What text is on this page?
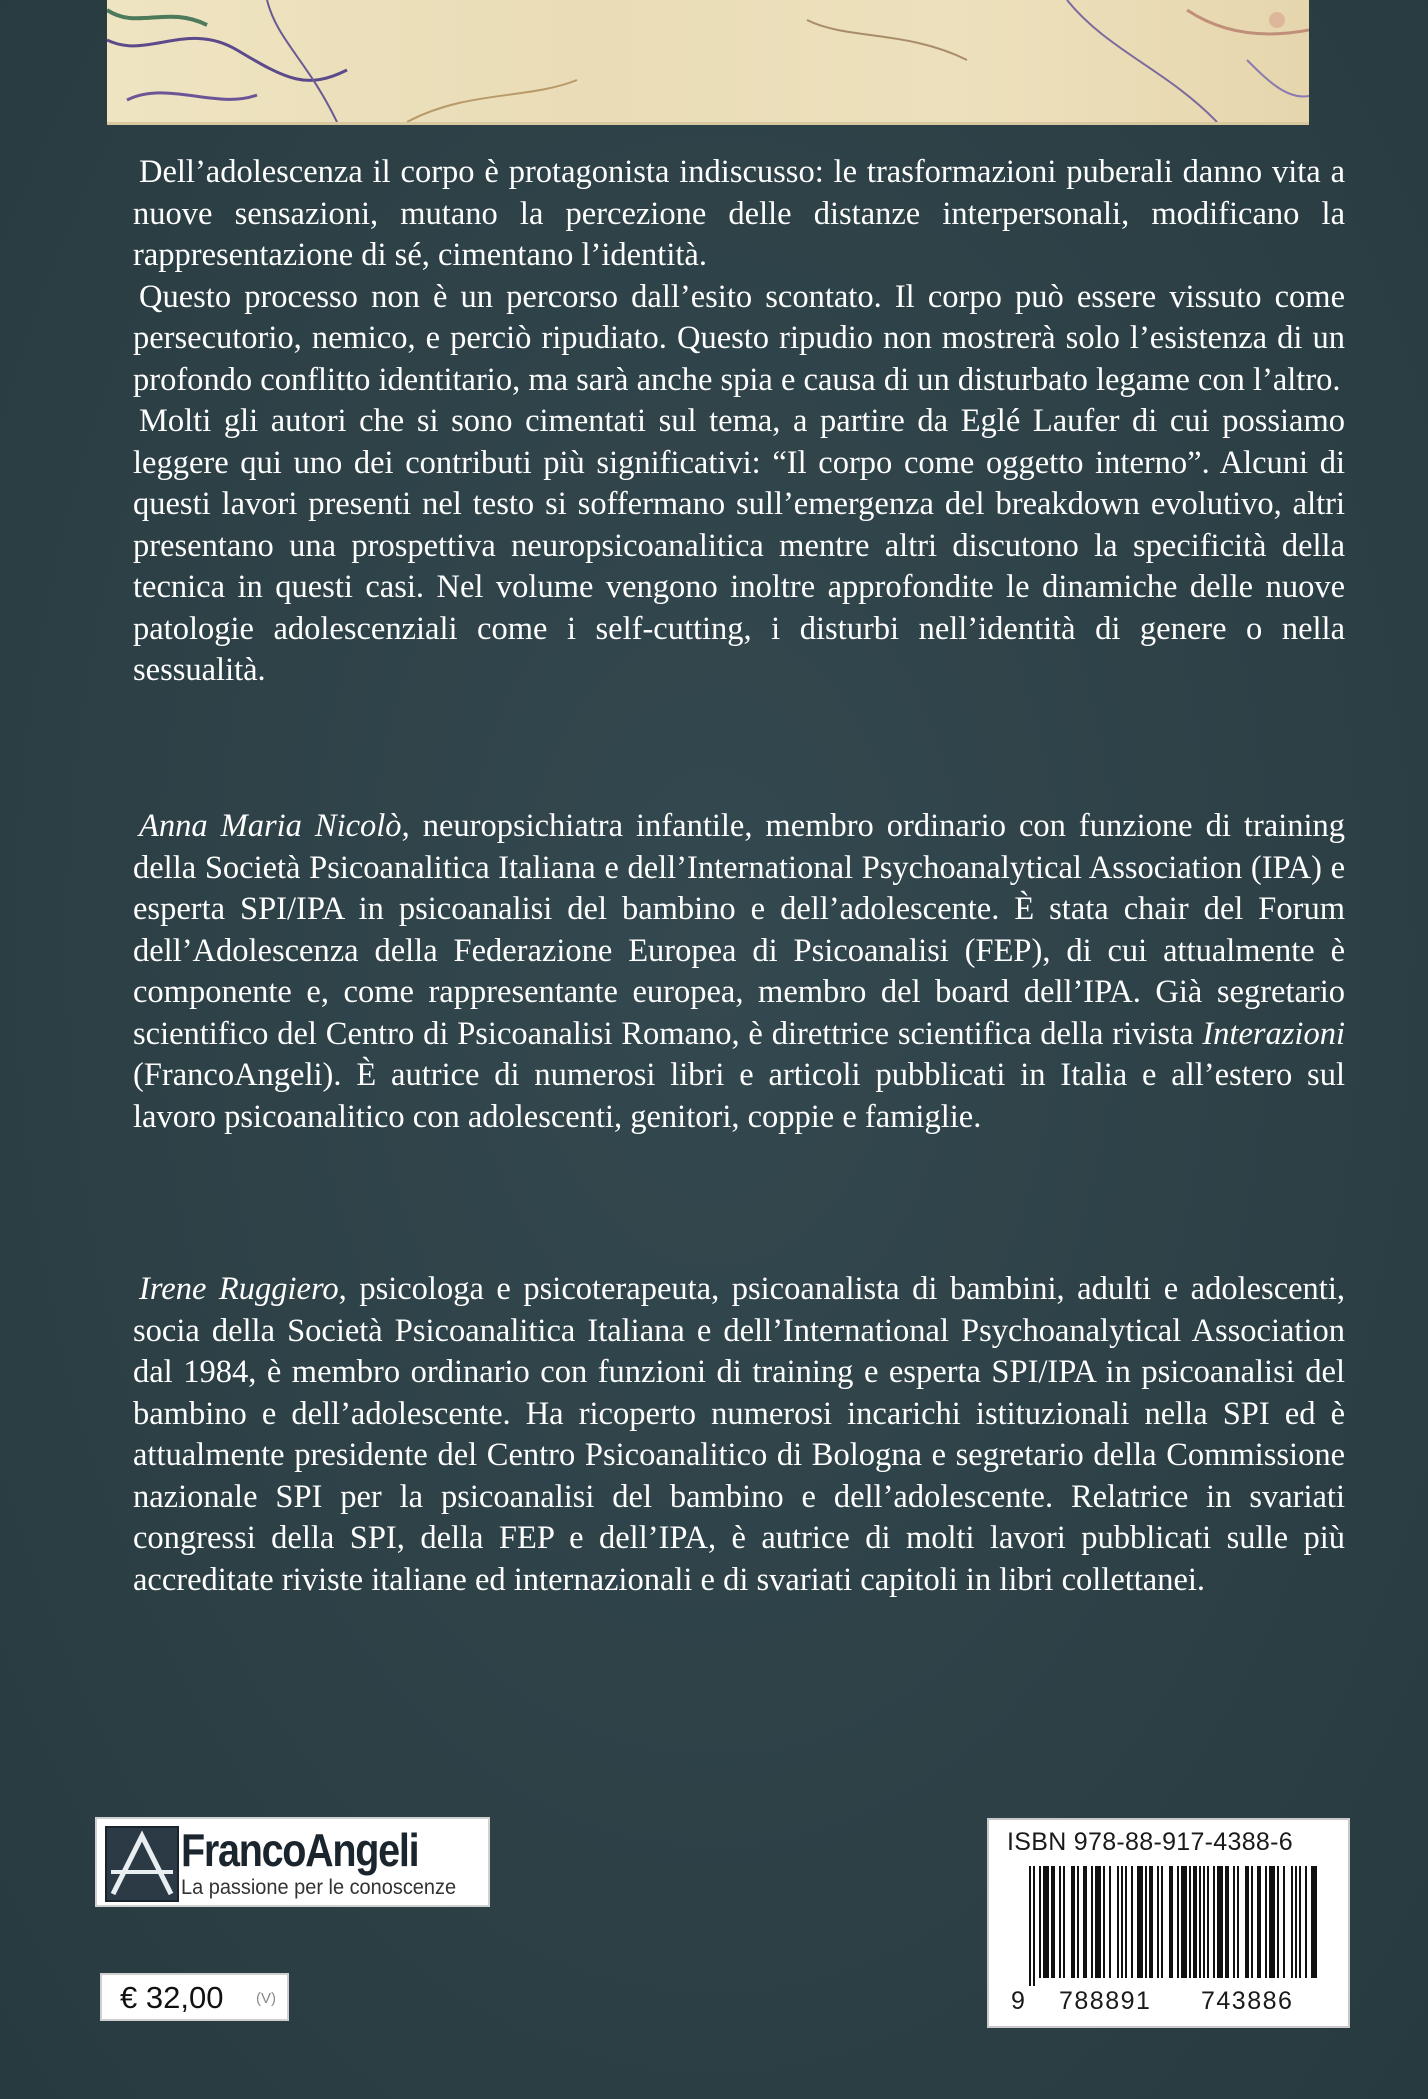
Dell’adolescenza il corpo è protagonista indiscusso: le trasformazioni puberali danno vita a nuove sensazioni, mutano la percezione delle distanze interpersonali, modificano la rappresentazione di sé, cimentano l’identità.

Questo processo non è un percorso dall’esito scontato. Il corpo può essere vissuto come persecutorio, nemico, e perciò ripudiato. Questo ripudio non mostrerà solo l’esistenza di un profondo conflitto identitario, ma sarà anche spia e causa di un disturbato legame con l’altro.

Molti gli autori che si sono cimentati sul tema, a partire da Eglé Laufer di cui possiamo leggere qui uno dei contributi più significativi: “Il corpo come oggetto interno”. Alcuni di questi lavori presenti nel testo si soffermano sull’emergenza del breakdown evolutivo, altri presentano una prospettiva neuropsicoanalitica mentre altri discutono la specificità della tecnica in questi casi. Nel volume vengono inoltre approfondite le dinamiche delle nuove patologie adolescenziali come i self-cutting, i disturbi nell’identità di genere o nella sessualità.

Anna Maria Nicolò, neuropsichiatra infantile, membro ordinario con funzione di training della Società Psicoanalitica Italiana e dell’International Psychoanalytical Association (IPA) e esperta SPI/IPA in psicoanalisi del bambino e dell’adolescente. È stata chair del Forum dell’Adolescenza della Federazione Europea di Psicoanalisi (FEP), di cui attualmente è componente e, come rappresentante europea, membro del board dell’IPA. Già segretario scientifico del Centro di Psicoanalisi Romano, è direttrice scientifica della rivista Interazioni (FrancoAngeli). È autrice di numerosi libri e articoli pubblicati in Italia e all’estero sul lavoro psicoanalitico con adolescenti, genitori, coppie e famiglie.

Irene Ruggiero, psicologa e psicoterapeuta, psicoanalista di bambini, adulti e adolescenti, socia della Società Psicoanalitica Italiana e dell’International Psychoanalytical Association dal 1984, è membro ordinario con funzioni di training e esperta SPI/IPA in psicoanalisi del bambino e dell’adolescente. Ha ricoperto numerosi incarichi istituzionali nella SPI ed è attualmente presidente del Centro Psicoanalitico di Bologna e segretario della Commissione nazionale SPI per la psicoanalisi del bambino e dell’adolescente. Relatrice in svariati congressi della SPI, della FEP e dell’IPA, è autrice di molti lavori pubblicati sulle più accreditate riviste italiane ed internazionali e di svariati capitoli in libri collettanei.

FrancoAngeli
La passione per le conoscenze
€ 32,00 (V)
ISBN 978-88-917-4388-6
9 788891 743886
